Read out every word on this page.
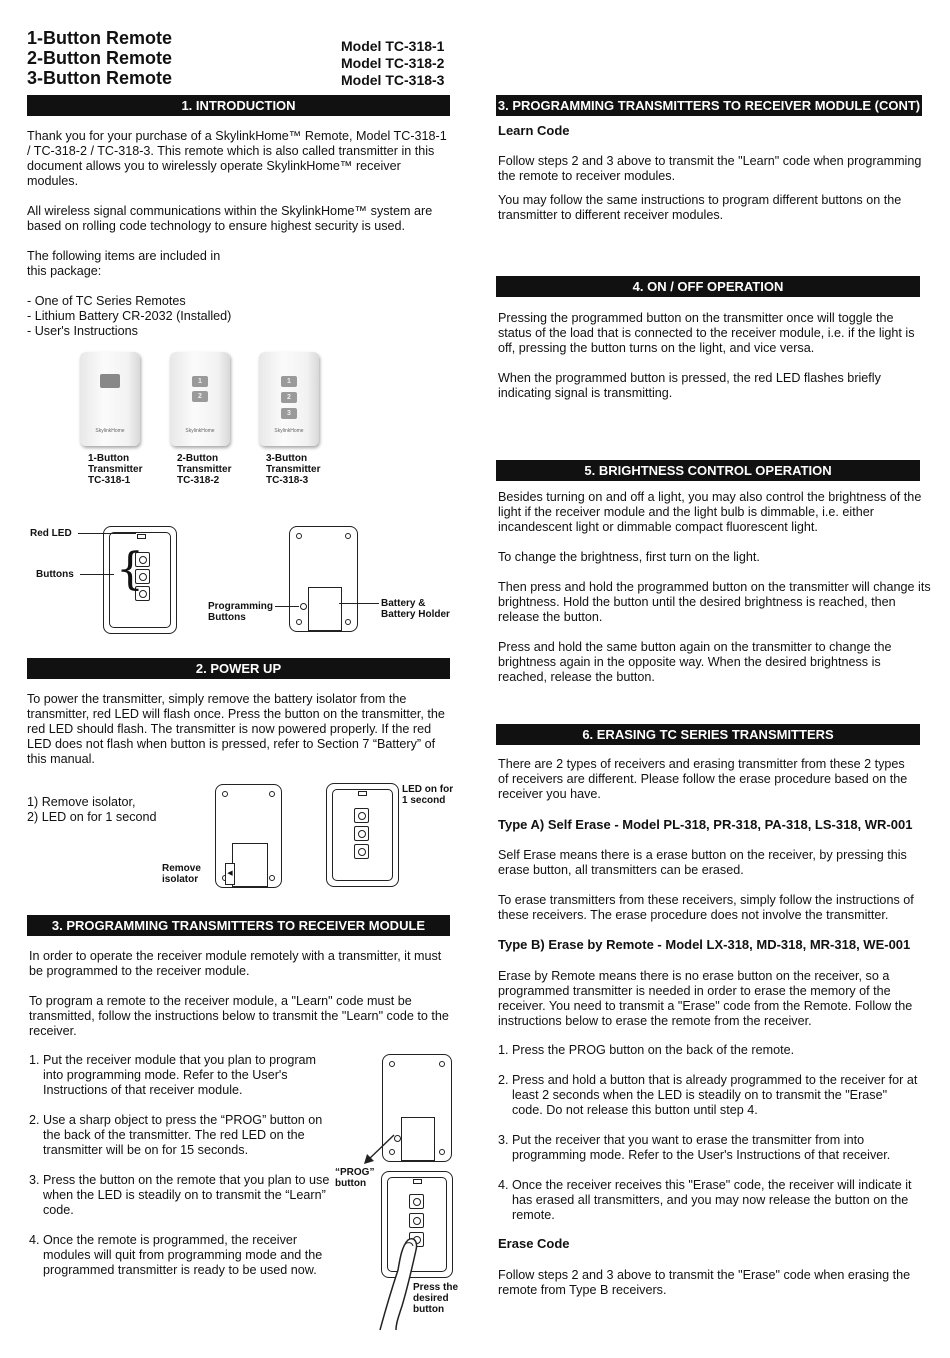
1-Button Remote
2-Button Remote
3-Button Remote
Model TC-318-1
Model TC-318-2
Model TC-318-3
1. INTRODUCTION

Thank you for your purchase of a SkylinkHome™ Remote, Model TC-318-1 / TC-318-2 / TC-318-3. This remote which is also called transmitter in this document allows you to wirelessly operate SkylinkHome™ receiver modules.

All wireless signal communications within the SkylinkHome™ system are based on rolling code technology to ensure highest security is used.

The following items are included in this package:

- One of TC Series Remotes

- Lithium Battery CR-2032 (Installed)

- User's Instructions

SkylinkHome
1
2
SkylinkHome
1
2
3
SkylinkHome
1-Button
Transmitter
TC-318-1
2-Button
Transmitter
TC-318-2
3-Button
Transmitter
TC-318-3
{
Red LED
Buttons
Programming
Buttons
Battery &
Battery Holder
2. POWER UP

To power the transmitter, simply remove the battery isolator from the transmitter, red LED will flash once. Press the button on the transmitter, the red LED should flash. The transmitter is now powered properly. If the red LED does not flash when button is pressed, refer to Section 7 “Battery” of this manual.

1) Remove isolator,

2) LED on for 1 second

◀
Remove
isolator
LED on for
1 second
3. PROGRAMMING TRANSMITTERS TO RECEIVER MODULE

In order to operate the receiver module remotely with a transmitter, it must be programmed to the receiver module.

To program a remote to the receiver module, a "Learn" code must be transmitted, follow the instructions below to transmit the "Learn" code to the receiver.

1. Put the receiver module that you plan to program into programming mode. Refer to the User's Instructions of that receiver module.
2. Use a sharp object to press the “PROG” button on the back of the transmitter. The red LED on the transmitter will be on for 15 seconds.
3. Press the button on the remote that you plan to use when the LED is steadily on to transmit the “Learn” code.
4. Once the remote is programmed, the receiver modules will quit from programming mode and the programmed transmitter is ready to be used now.
“PROG”
button
Press the
desired
button
3. PROGRAMMING TRANSMITTERS TO RECEIVER MODULE (CONT)
Learn Code

Follow steps 2 and 3 above to transmit the "Learn" code when programming the remote to receiver modules.

You may follow the same instructions to program different buttons on the transmitter to different receiver modules.

4. ON / OFF OPERATION

Pressing the programmed button on the transmitter once will toggle the status of the load that is connected to the receiver module, i.e. if the light is off, pressing the button turns on the light, and vice versa.

When the programmed button is pressed, the red LED flashes briefly indicating signal is transmitting.

5. BRIGHTNESS CONTROL OPERATION

Besides turning on and off a light, you may also control the brightness of the light if the receiver module and the light bulb is dimmable, i.e. either incandescent light or dimmable compact fluorescent light.

To change the brightness, first turn on the light.

Then press and hold the programmed button on the transmitter will change its brightness. Hold the button until the desired brightness is reached, then release the button.

Press and hold the same button again on the transmitter to change the brightness again in the opposite way. When the desired brightness is reached, release the button.

6. ERASING TC SERIES TRANSMITTERS

There are 2 types of receivers and erasing transmitter from these 2 types of receivers are different. Please follow the erase procedure based on the receiver you have.

Type A) Self Erase - Model PL-318, PR-318, PA-318, LS-318, WR-001

Self Erase means there is a erase button on the receiver, by pressing this erase button, all transmitters can be erased.

To erase transmitters from these receivers, simply follow the instructions of these receivers. The erase procedure does not involve the transmitter.

Type B) Erase by Remote - Model LX-318, MD-318, MR-318, WE-001

Erase by Remote means there is no erase button on the receiver, so a programmed transmitter is needed in order to erase the memory of the receiver. You need to transmit a "Erase" code from the Remote. Follow the instructions below to erase the remote from the receiver.

1. Press the PROG button on the back of the remote.
2. Press and hold a button that is already programmed to the receiver for at least 2 seconds when the LED is steadily on to transmit the "Erase" code. Do not release this button until step 4.
3. Put the receiver that you want to erase the transmitter from into programming mode. Refer to the User's Instructions of that receiver.
4. Once the receiver receives this "Erase" code, the receiver will indicate it has erased all transmitters, and you may now release the button on the remote.
Erase Code

Follow steps 2 and 3 above to transmit the "Erase" code when erasing the remote from Type B receivers.
